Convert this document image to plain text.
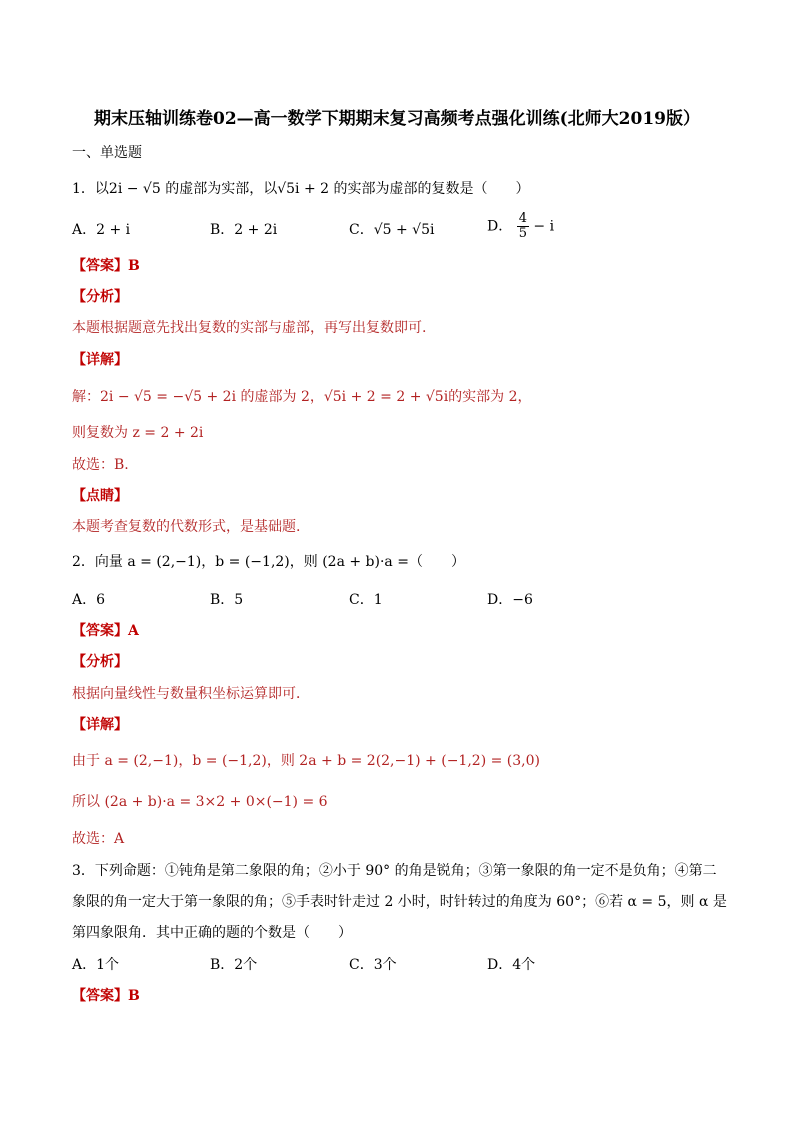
期末压轴训练卷02—高一数学下期期末复习高频考点强化训练(北师大2019版）
一、单选题
1．以2i − √5 的虚部为实部，以√5i + 2 的实部为虚部的复数是（　　）
A．2 + i	B．2 + 2i	C．√5 + √5i	D． $\frac{4}{5} - i$
【答案】B
【分析】
本题根据题意先找出复数的实部与虚部，再写出复数即可.
【详解】
解：2i − √5 = −√5 + 2i 的虚部为 2，√5i + 2 = 2 + √5i的实部为 2，
则复数为 z = 2 + 2i
故选：B.
【点睛】
本题考查复数的代数形式，是基础题.
2．向量 a = (2,−1)，b = (−1,2)，则 (2a + b)·a =（　　）
A．6	B．5	C．1	D．−6
【答案】A
【分析】
根据向量线性与数量积坐标运算即可．
【详解】
由于 a = (2,−1)，b = (−1,2)，则 2a + b = 2(2,−1) + (−1,2) = (3,0)
所以 (2a + b)·a = 3×2 + 0×(−1) = 6
故选：A
3．下列命题：①钝角是第二象限的角；②小于 90° 的角是锐角；③第一象限的角一定不是负角；④第二
象限的角一定大于第一象限的角；⑤手表时针走过 2 小时，时针转过的角度为 60°；⑥若 α = 5，则 α 是
第四象限角．其中正确的题的个数是（　　）
A．1个	B．2个	C．3个	D．4个
【答案】B
